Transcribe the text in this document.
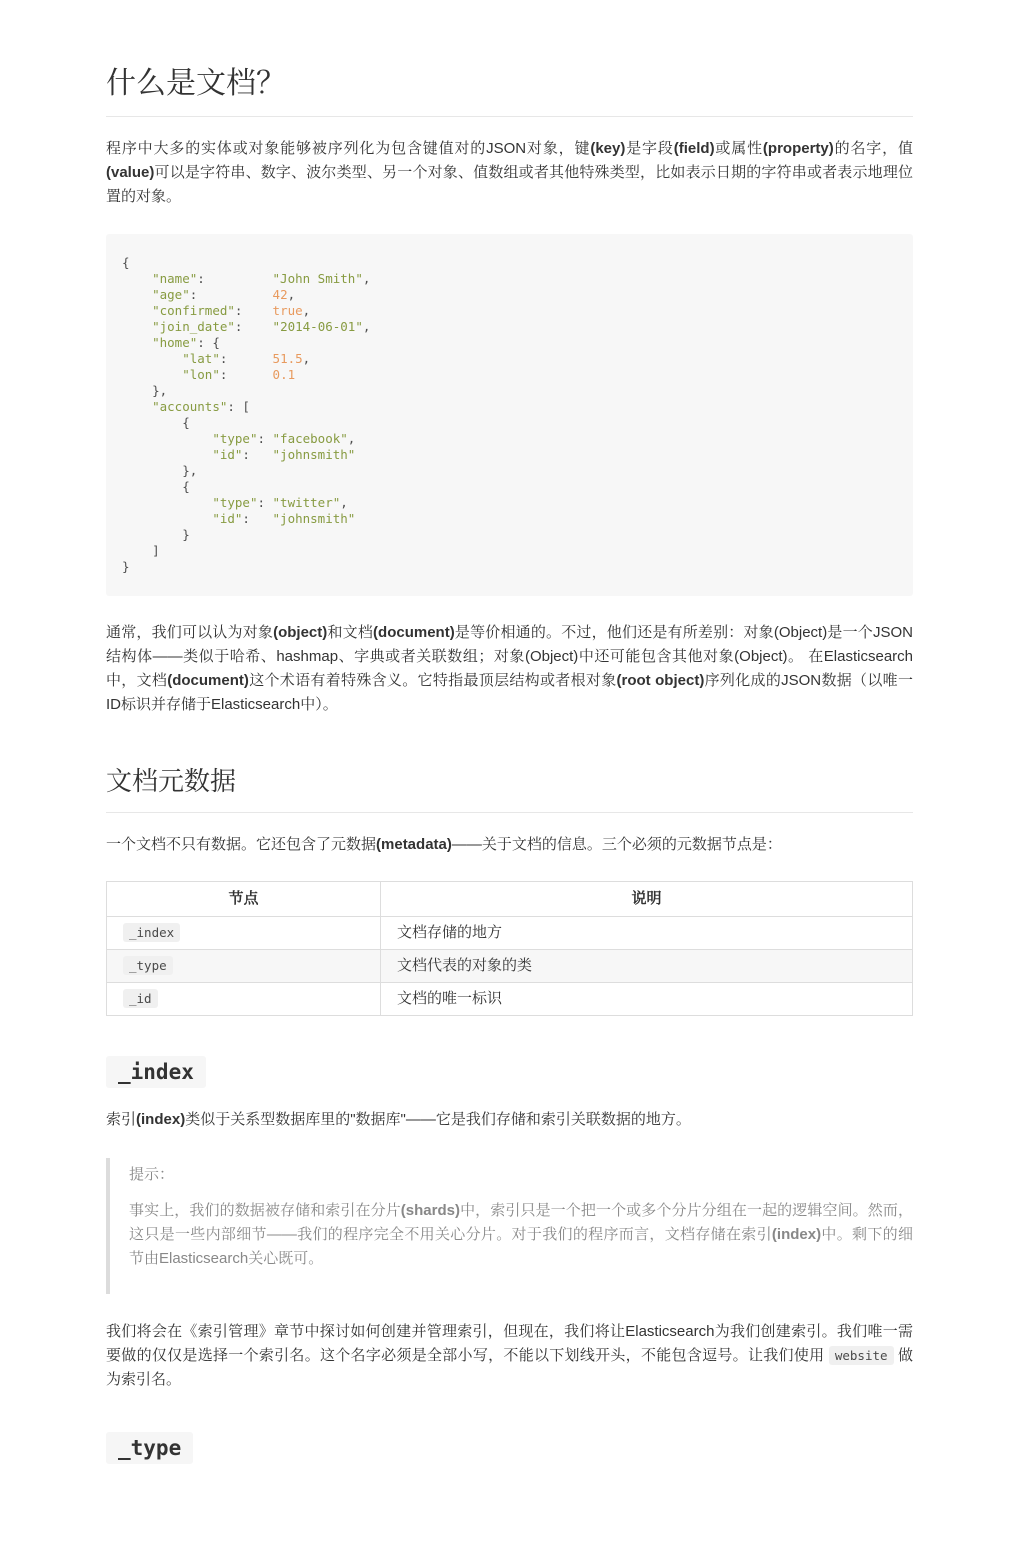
什么是文档？

程序中大多的实体或对象能够被序列化为包含键值对的JSON对象，键(key)是字段(field)或属性(property)的名字，值(value)可以是字符串、数字、波尔类型、另一个对象、值数组或者其他特殊类型，比如表示日期的字符串或者表示地理位置的对象。

{
"name":	"John Smith",
"age":	42,
"confirmed": true,
"join_date": "2014-06-01",
"home": {
"lat":	51.5,
"lon":	0.1
},
"accounts": [
{
"type": "facebook",
"id":   "johnsmith"
},
{
"type": "twitter",
"id":   "johnsmith"
}
]
}

通常，我们可以认为对象(object)和文档(document)是等价相通的。不过，他们还是有所差别：对象(Object)是一个JSON结构体——类似于哈希、hashmap、字典或者关联数组；对象(Object)中还可能包含其他对象(Object)。 在Elasticsearch中，文档(document)这个术语有着特殊含义。它特指最顶层结构或者根对象(root object)序列化成的JSON数据（以唯一ID标识并存储于Elasticsearch中）。

文档元数据

一个文档不只有数据。它还包含了元数据(metadata)——关于文档的信息。三个必须的元数据节点是：

节点	说明
_index	文档存储的地方
_type	文档代表的对象的类
_id	文档的唯一标识
_index

索引(index)类似于关系型数据库里的"数据库"——它是我们存储和索引关联数据的地方。

提示：

事实上，我们的数据被存储和索引在分片(shards)中，索引只是一个把一个或多个分片分组在一起的逻辑空间。然而，这只是一些内部细节——我们的程序完全不用关心分片。对于我们的程序而言，文档存储在索引(index)中。剩下的细节由Elasticsearch关心既可。

我们将会在《索引管理》章节中探讨如何创建并管理索引，但现在，我们将让Elasticsearch为我们创建索引。我们唯一需要做的仅仅是选择一个索引名。这个名字必须是全部小写，不能以下划线开头，不能包含逗号。让我们使用 website 做为索引名。

_type
